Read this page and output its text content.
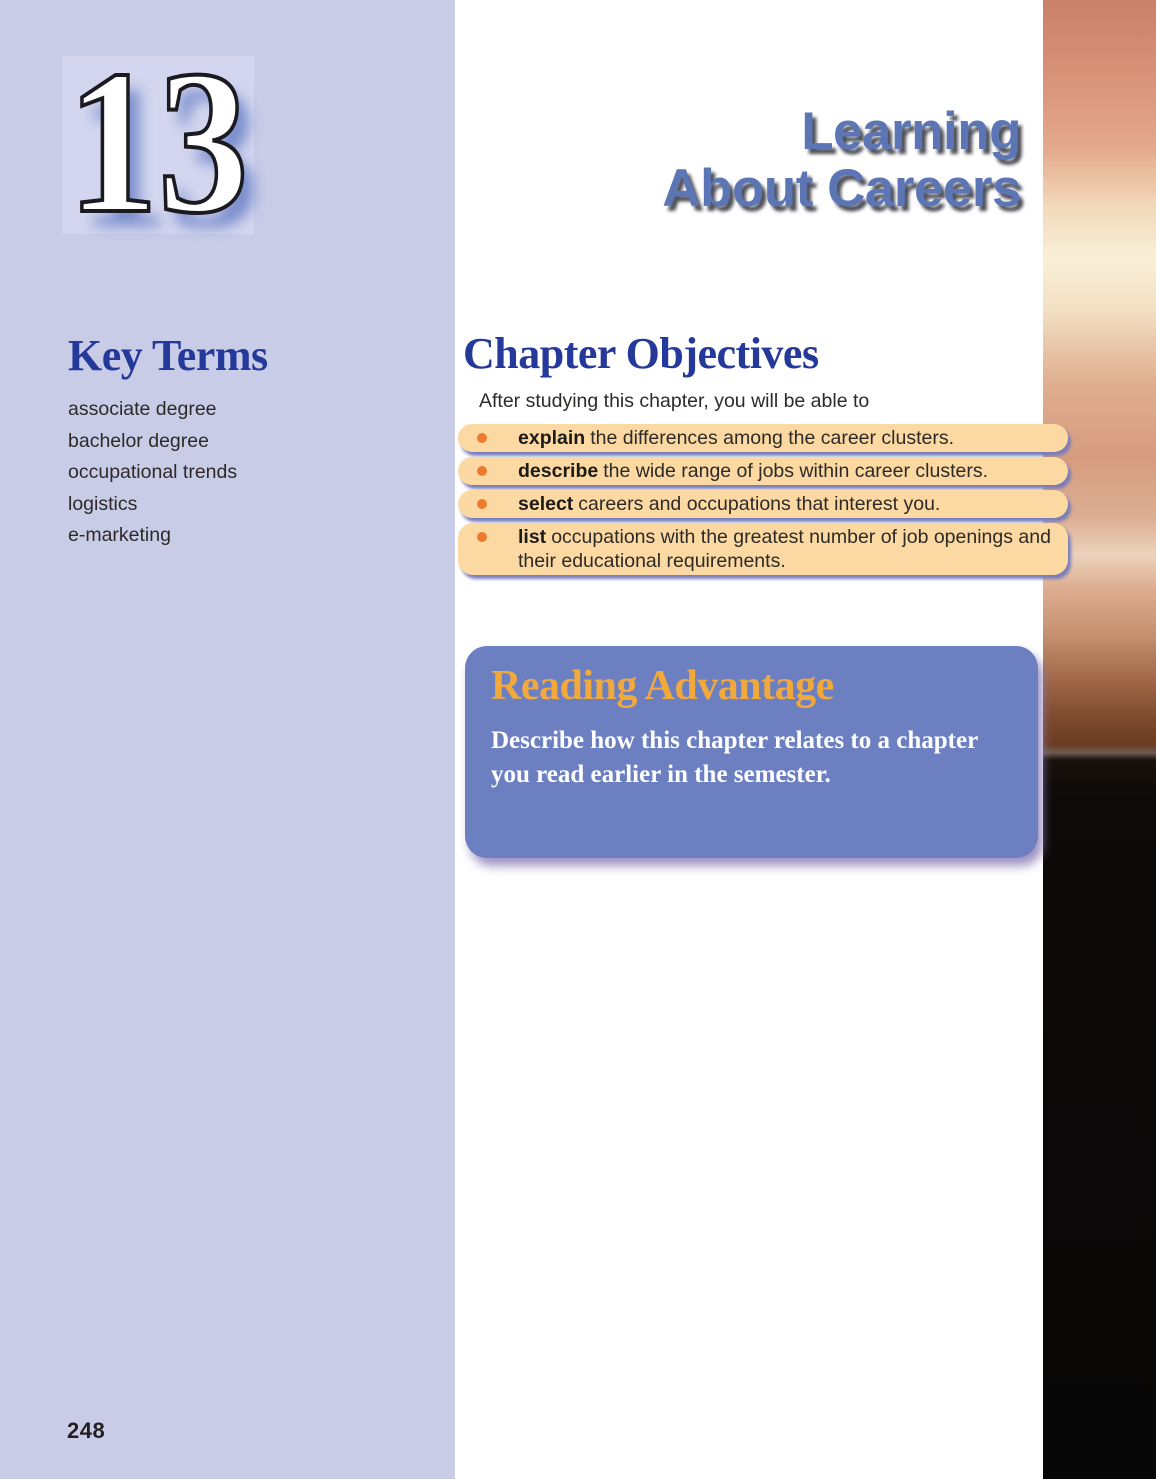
13
Key Terms
associate degree
bachelor degree
occupational trends
logistics
e-marketing
248
Learning
About Careers
Chapter Objectives
After studying this chapter, you will be able to
explain the differences among the career clusters.
describe the wide range of jobs within career clusters.
select careers and occupations that interest you.
list occupations with the greatest number of job openings and
their educational requirements.
Reading Advantage

Describe how this chapter relates to a chapter
you read earlier in the semester.
